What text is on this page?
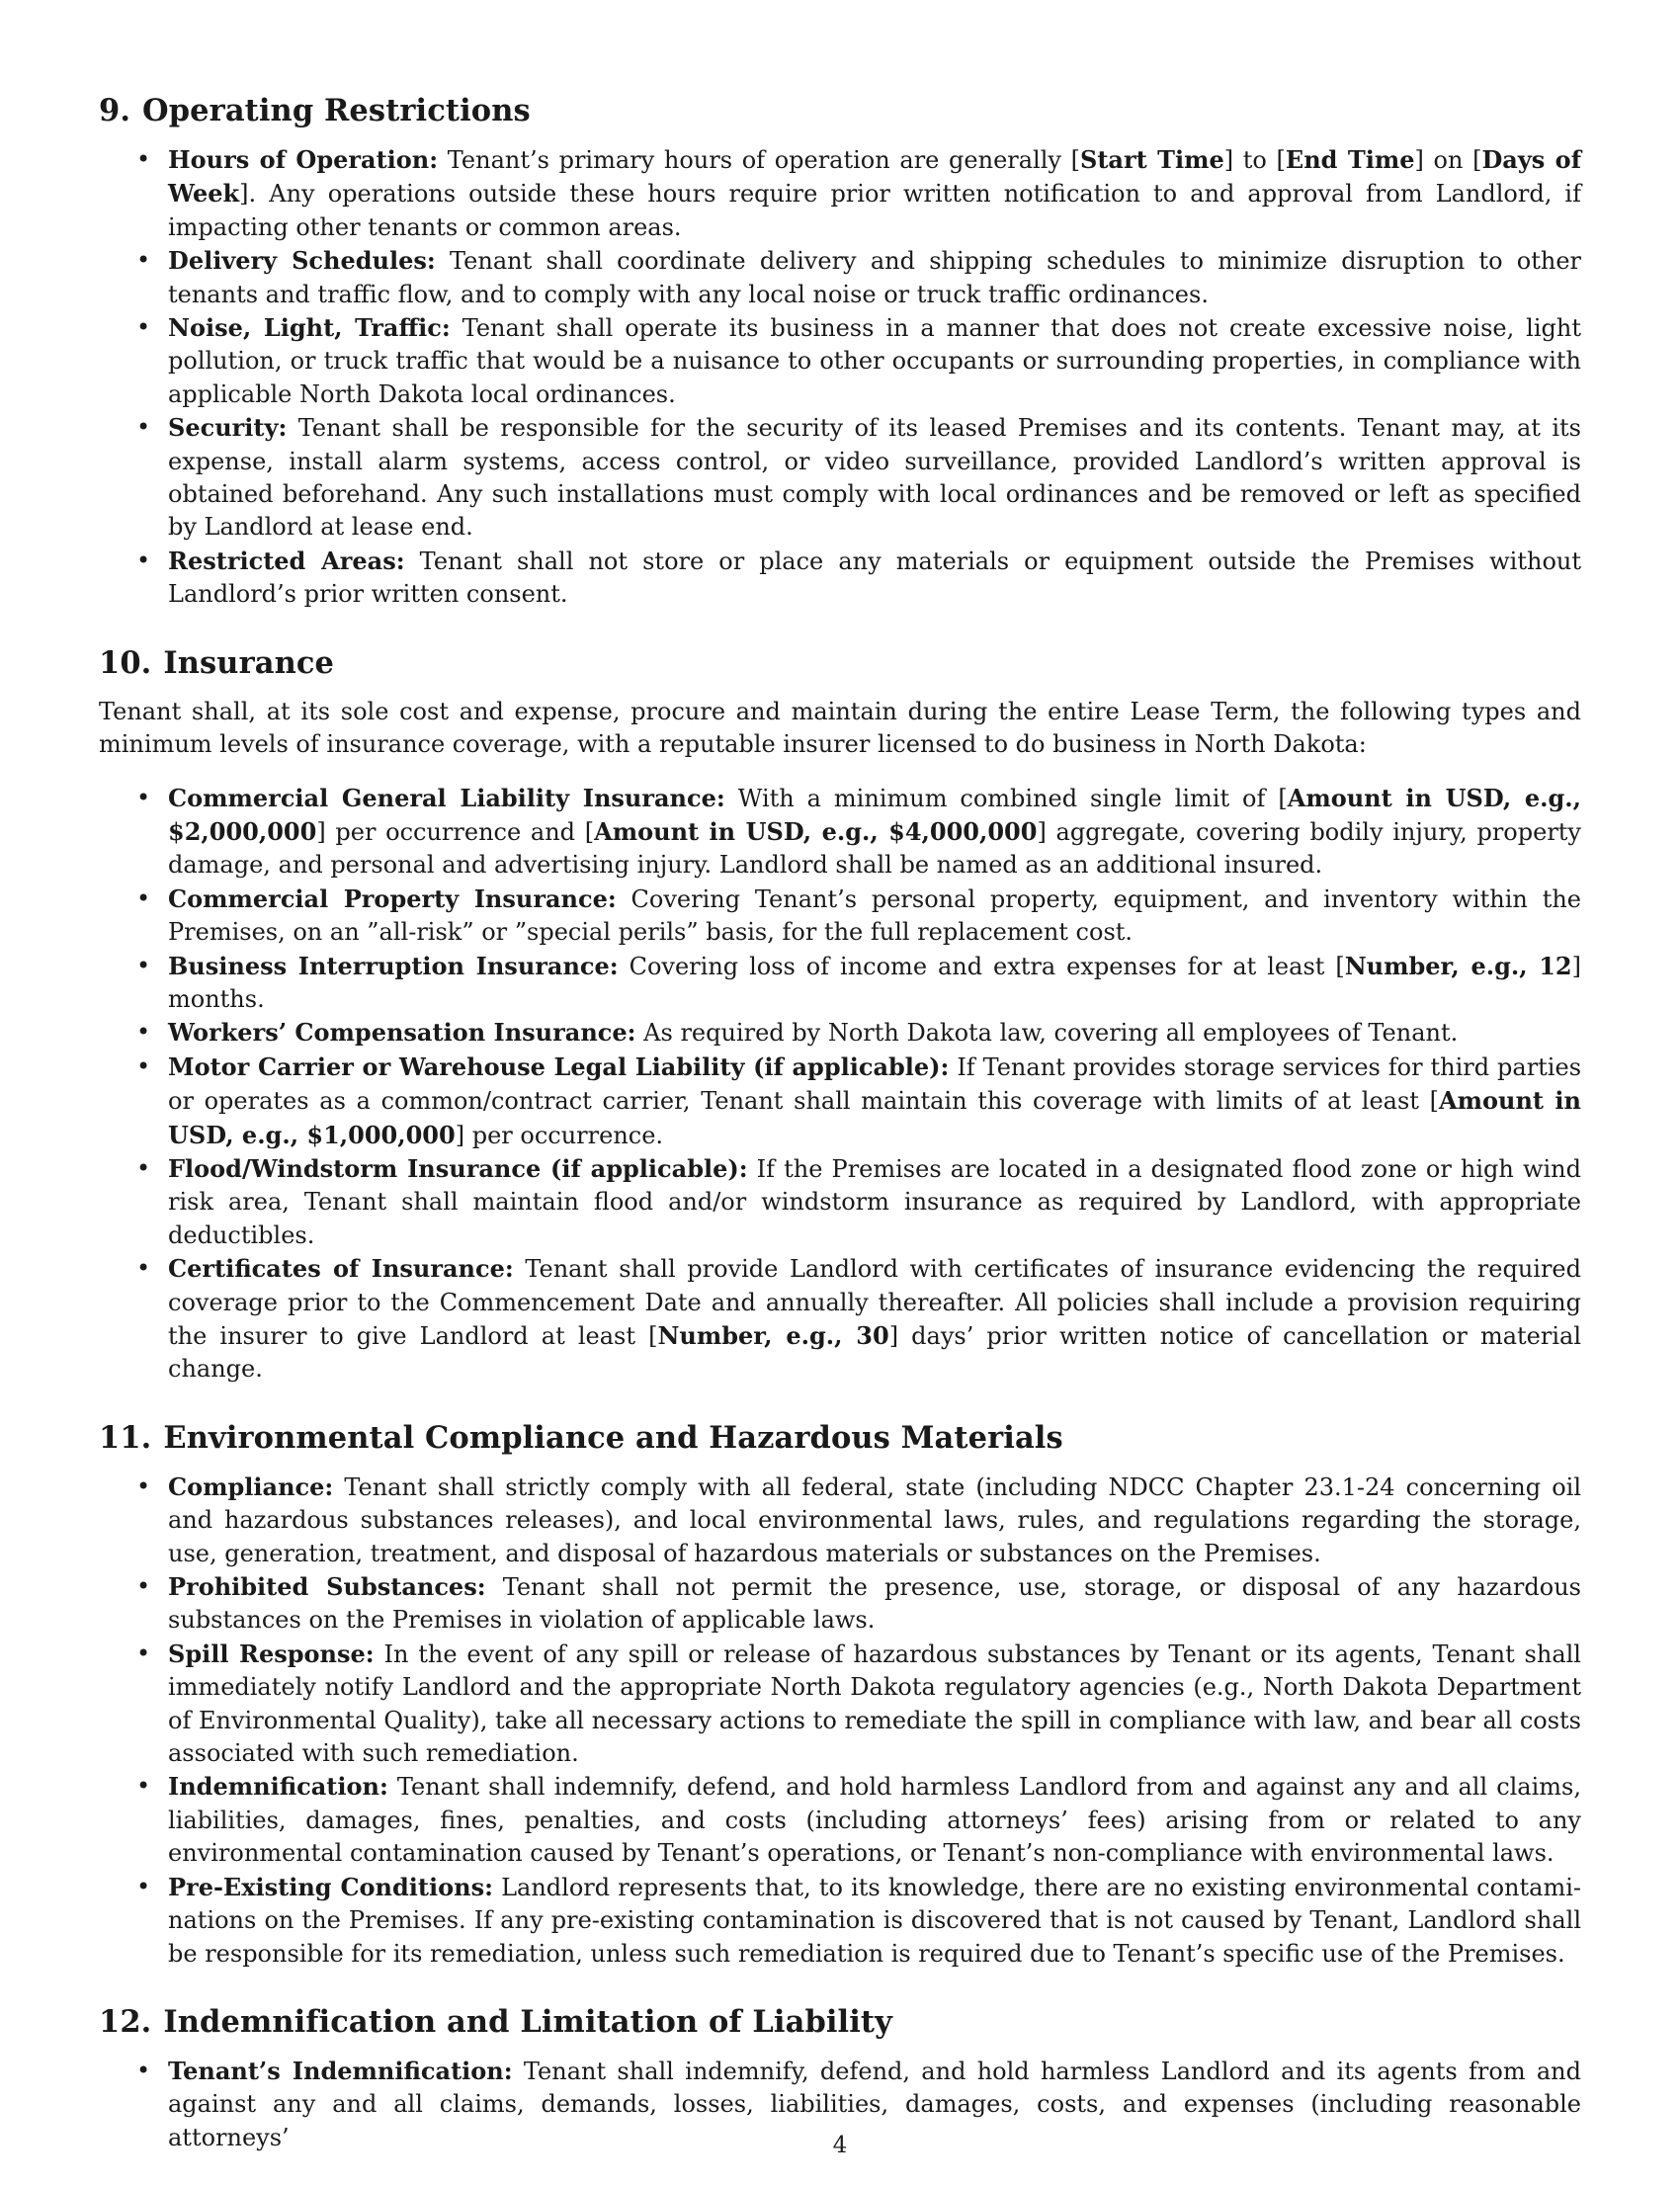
9. Operating Restrictions
• Hours of Operation: Tenant’s primary hours of operation are generally [Start Time] to [End Time] on [Days of Week]. Any operations outside these hours require prior written notification to and approval from Landlord, if impacting other tenants or common areas.
• Delivery Schedules: Tenant shall coordinate delivery and shipping schedules to minimize disruption to other tenants and traffic flow, and to comply with any local noise or truck traffic ordinances.
• Noise, Light, Traffic: Tenant shall operate its business in a manner that does not create excessive noise, light pollution, or truck traffic that would be a nuisance to other occupants or surrounding properties, in compliance with applicable North Dakota local ordinances.
• Security: Tenant shall be responsible for the security of its leased Premises and its contents. Tenant may, at its expense, install alarm systems, access control, or video surveillance, provided Landlord’s written approval is obtained beforehand. Any such installations must comply with local ordinances and be removed or left as specified by Landlord at lease end.
• Restricted Areas: Tenant shall not store or place any materials or equipment outside the Premises without Landlord’s prior written consent.
10. Insurance

Tenant shall, at its sole cost and expense, procure and maintain during the entire Lease Term, the following types and minimum levels of insurance coverage, with a reputable insurer licensed to do business in North Dakota:

• Commercial General Liability Insurance: With a minimum combined single limit of [Amount in USD, e.g., $2,000,000] per occurrence and [Amount in USD, e.g., $4,000,000] aggregate, covering bodily injury, property damage, and personal and advertising injury. Landlord shall be named as an additional insured.
• Commercial Property Insurance: Covering Tenant’s personal property, equipment, and inventory within the Premises, on an ”all-risk” or ”special perils” basis, for the full replacement cost.
• Business Interruption Insurance: Covering loss of income and extra expenses for at least [Number, e.g., 12] months.
• Workers’ Compensation Insurance: As required by North Dakota law, covering all employees of Tenant.
• Motor Carrier or Warehouse Legal Liability (if applicable): If Tenant provides storage services for third parties or operates as a common/contract carrier, Tenant shall maintain this coverage with limits of at least [Amount in USD, e.g., $1,000,000] per occurrence.
• Flood/Windstorm Insurance (if applicable): If the Premises are located in a designated flood zone or high wind risk area, Tenant shall maintain flood and/or windstorm insurance as required by Landlord, with appropriate deductibles.
• Certificates of Insurance: Tenant shall provide Landlord with certificates of insurance evidencing the required coverage prior to the Commencement Date and annually thereafter. All policies shall include a provision requiring the insurer to give Landlord at least [Number, e.g., 30] days’ prior written notice of cancellation or material change.
11. Environmental Compliance and Hazardous Materials
• Compliance: Tenant shall strictly comply with all federal, state (including NDCC Chapter 23.1-24 concerning oil and hazardous substances releases), and local environmental laws, rules, and regulations regarding the storage, use, generation, treatment, and disposal of hazardous materials or substances on the Premises.
• Prohibited Substances: Tenant shall not permit the presence, use, storage, or disposal of any hazardous substances on the Premises in violation of applicable laws.
• Spill Response: In the event of any spill or release of hazardous substances by Tenant or its agents, Tenant shall immediately notify Landlord and the appropriate North Dakota regulatory agencies (e.g., North Dakota Department of Environmental Quality), take all necessary actions to remediate the spill in compliance with law, and bear all costs associated with such remediation.
• Indemnification: Tenant shall indemnify, defend, and hold harmless Landlord from and against any and all claims, liabilities, damages, fines, penalties, and costs (including attorneys’ fees) arising from or related to any environmental contamination caused by Tenant’s operations, or Tenant’s non-compliance with environmental laws.
• Pre-Existing Conditions: Landlord represents that, to its knowledge, there are no existing environmental contami-nations on the Premises. If any pre-existing contamination is discovered that is not caused by Tenant, Landlord shall be responsible for its remediation, unless such remediation is required due to Tenant’s specific use of the Premises.
12. Indemnification and Limitation of Liability
• Tenant’s Indemnification: Tenant shall indemnify, defend, and hold harmless Landlord and its agents from and against any and all claims, demands, losses, liabilities, damages, costs, and expenses (including reasonable attorneys’	4
